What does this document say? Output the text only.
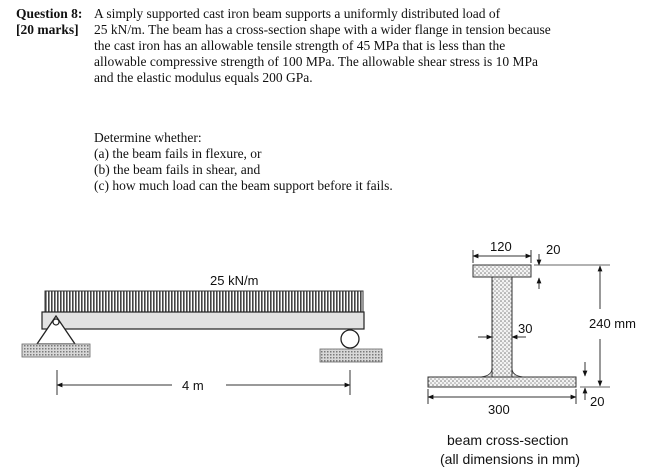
Question 8:
[20 marks]
A simply supported cast iron beam supports a uniformly distributed load of
25 kN/m. The beam has a cross-section shape with a wider flange in tension because
the cast iron has an allowable tensile strength of 45 MPa that is less than the
allowable compressive strength of 100 MPa. The allowable shear stress is 10 MPa
and the elastic modulus equals 200 GPa.
Determine whether:
(a) the beam fails in flexure, or
(b) the beam fails in shear, and
(c) how much load can the beam support before it fails.
25 kN/m
4 m
120	20
30	240 mm
300
20
beam cross-section
(all dimensions in mm)
